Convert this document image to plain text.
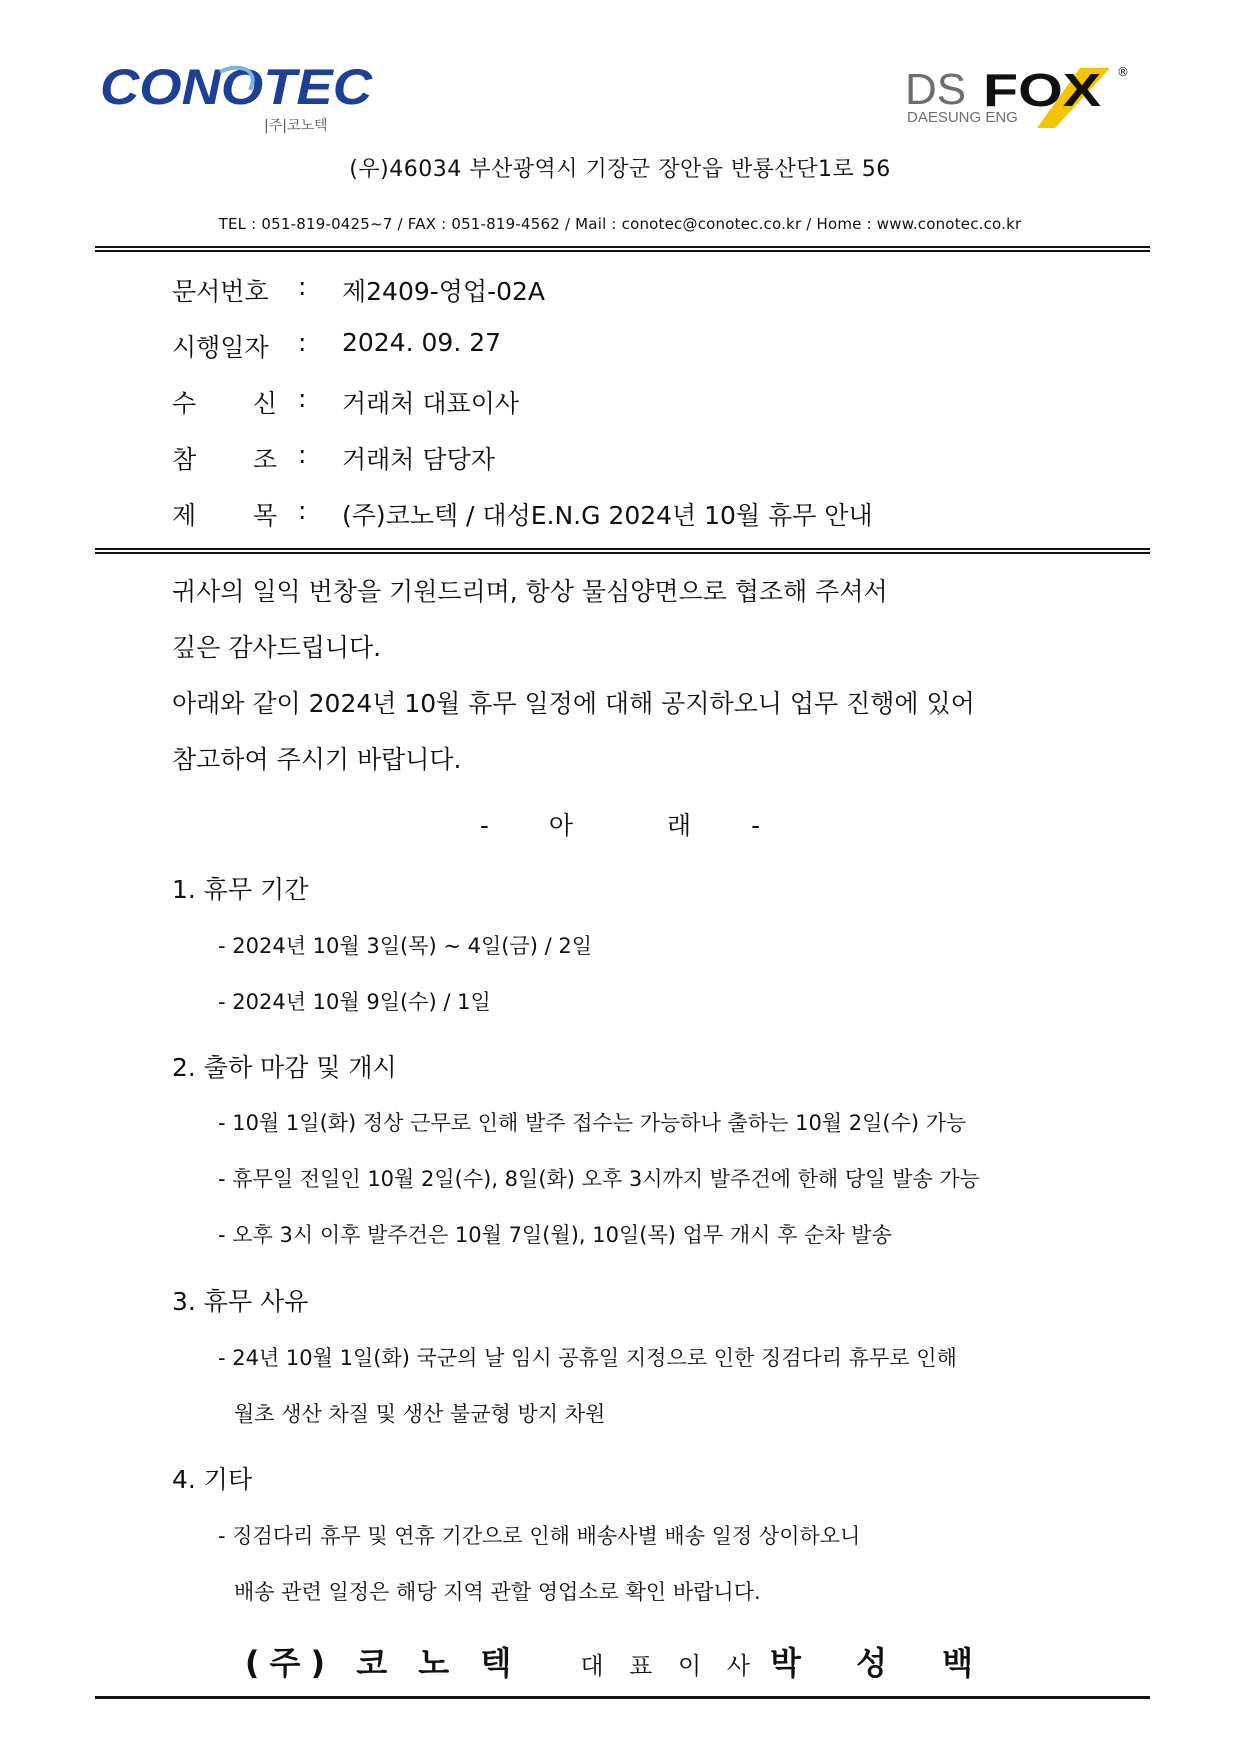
CONOTEC
|주|코노텍
DS FOX ®
DAESUNG ENG
(우)46034 부산광역시 기장군 장안읍 반룡산단1로 56
TEL : 051-819-0425~7 / FAX : 051-819-4562 / Mail : conotec@conotec.co.kr / Home : www.conotec.co.kr
문서번호	: 제2409-영업-02A
시행일자	: 2024. 09. 27
수 신 : 거래처 대표이사
참 조 : 거래처 담당자
제 목 : (주)코노텍 / 대성E.N.G 2024년 10월 휴무 안내
귀사의 일익 번창을 기원드리며, 항상 물심양면으로 협조해 주셔서
깊은 감사드립니다.
아래와 같이 2024년 10월 휴무 일정에 대해 공지하오니 업무 진행에 있어
참고하여 주시기 바랍니다.
- 아	래 -
1. 휴무 기간
- 2024년 10월 3일(목) ~ 4일(금) / 2일
- 2024년 10월 9일(수) / 1일
2. 출하 마감 및 개시
- 10월 1일(화) 정상 근무로 인해 발주 접수는 가능하나 출하는 10월 2일(수) 가능
- 휴무일 전일인 10월 2일(수), 8일(화) 오후 3시까지 발주건에 한해 당일 발송 가능
- 오후 3시 이후 발주건은 10월 7일(월), 10일(목) 업무 개시 후 순차 발송
3. 휴무 사유
- 24년 10월 1일(화) 국군의 날 임시 공휴일 지정으로 인한 징검다리 휴무로 인해
월초 생산 차질 및 생산 불균형 방지 차원
4. 기타
- 징검다리 휴무 및 연휴 기간으로 인해 배송사별 배송 일정 상이하오니
배송 관련 일정은 해당 지역 관할 영업소로 확인 바랍니다.
(주) 코 노 텍 대 표 이 사 박 성 백
